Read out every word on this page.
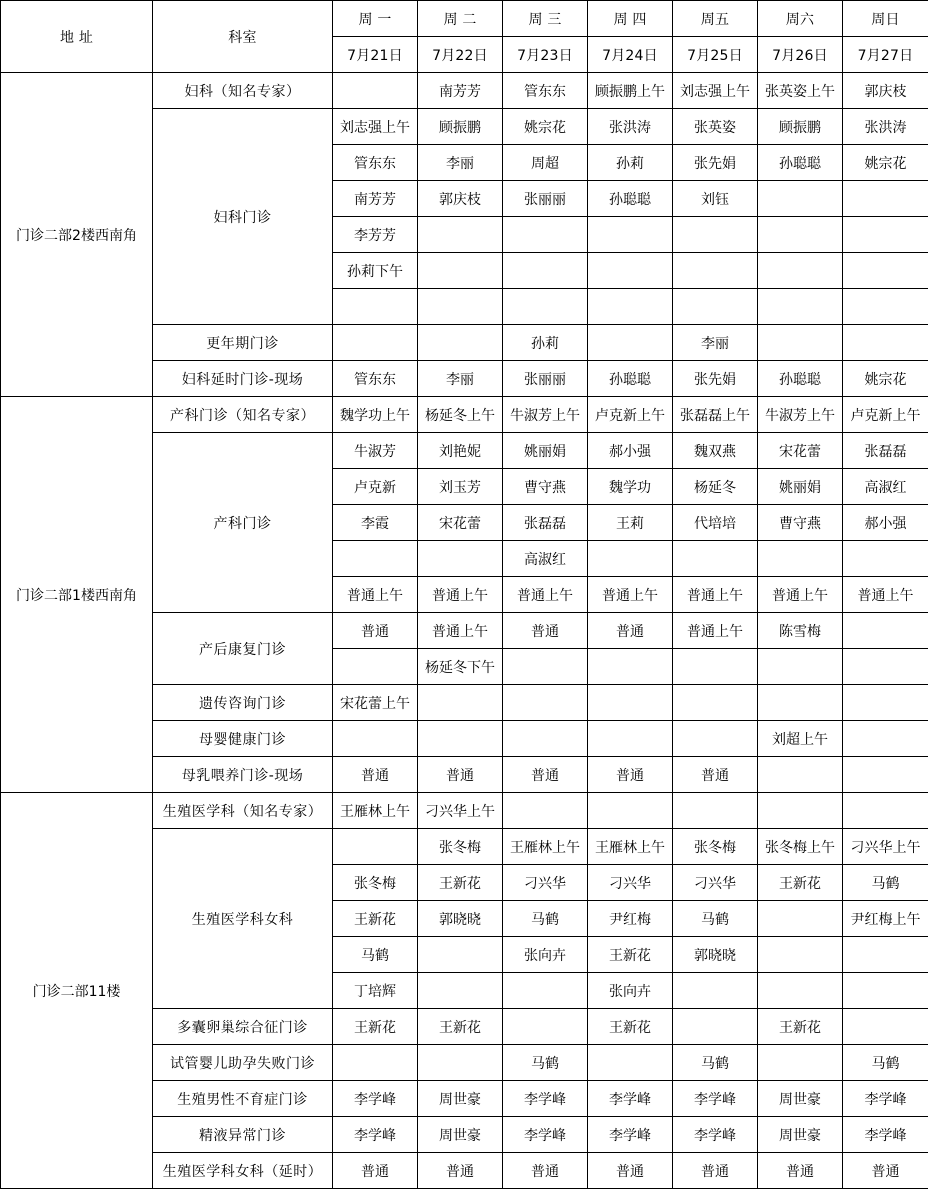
地 址	科室	周 一	周 二	周 三	周 四	周五	周六	周日
		7月21日	7月22日	7月23日	7月24日	7月25日	7月26日	7月27日
门诊二部2楼西南角	妇科（知名专家）		南芳芳	管东东	顾振鹏上午	刘志强上午	张英姿上午	郭庆枝
	妇科门诊	刘志强上午	顾振鹏	姚宗花	张洪涛	张英姿	顾振鹏	张洪涛
		管东东	李丽	周超	孙莉	张先娟	孙聪聪	姚宗花
		南芳芳	郭庆枝	张丽丽	孙聪聪	刘钰		
		李芳芳						
		孙莉下午						

	更年期门诊			孙莉		李丽		
	妇科延时门诊-现场	管东东	李丽	张丽丽	孙聪聪	张先娟	孙聪聪	姚宗花
门诊二部1楼西南角	产科门诊（知名专家）	魏学功上午	杨延冬上午	牛淑芳上午	卢克新上午	张磊磊上午	牛淑芳上午	卢克新上午
	产科门诊	牛淑芳	刘艳妮	姚丽娟	郝小强	魏双燕	宋花蕾	张磊磊
		卢克新	刘玉芳	曹守燕	魏学功	杨延冬	姚丽娟	高淑红
		李霞	宋花蕾	张磊磊	王莉	代培培	曹守燕	郝小强
				高淑红				
		普通上午	普通上午	普通上午	普通上午	普通上午	普通上午	普通上午
	产后康复门诊	普通	普通上午	普通	普通	普通上午	陈雪梅	
			杨延冬下午					
	遗传咨询门诊	宋花蕾上午						
	母婴健康门诊						刘超上午	
	母乳喂养门诊-现场	普通	普通	普通	普通	普通		
门诊二部11楼	生殖医学科（知名专家）	王雁林上午	刁兴华上午					
	生殖医学科女科		张冬梅	王雁林上午	王雁林上午	张冬梅	张冬梅上午	刁兴华上午
		张冬梅	王新花	刁兴华	刁兴华	刁兴华	王新花	马鹤
		王新花	郭晓晓	马鹤	尹红梅	马鹤		尹红梅上午
		马鹤		张向卉	王新花	郭晓晓		
		丁培辉			张向卉			
	多囊卵巢综合征门诊	王新花	王新花		王新花		王新花	
	试管婴儿助孕失败门诊			马鹤		马鹤		马鹤
	生殖男性不育症门诊	李学峰	周世豪	李学峰	李学峰	李学峰	周世豪	李学峰
	精液异常门诊	李学峰	周世豪	李学峰	李学峰	李学峰	周世豪	李学峰
	生殖医学科女科（延时）	普通	普通	普通	普通	普通	普通	普通
